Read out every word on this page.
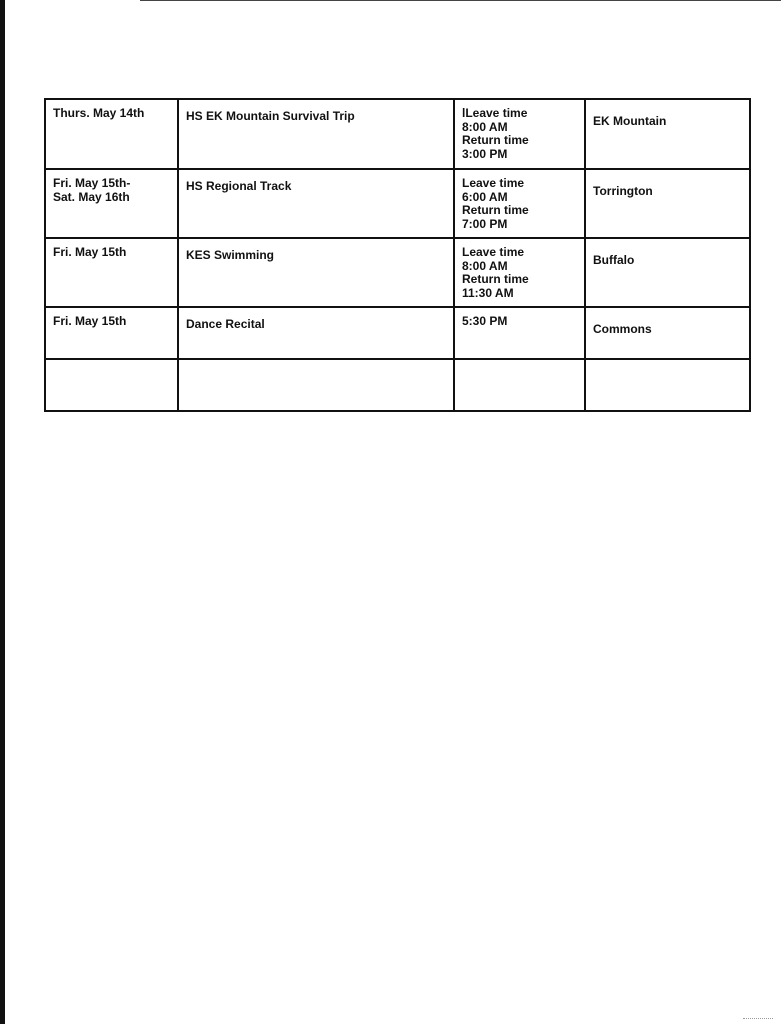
Thurs. May 14th	HS EK Mountain Survival Trip	lLeave time
8:00 AM
Return time
3:00 PM	EK Mountain

Fri. May 15th-
Sat. May 16th	HS Regional Track	Leave time
6:00 AM
Return time
7:00 PM	Torrington

Fri. May 15th	KES Swimming	Leave time
8:00 AM
Return time
11:30 AM	Buffalo

Fri. May 15th	Dance Recital	5:30 PM	Commons
